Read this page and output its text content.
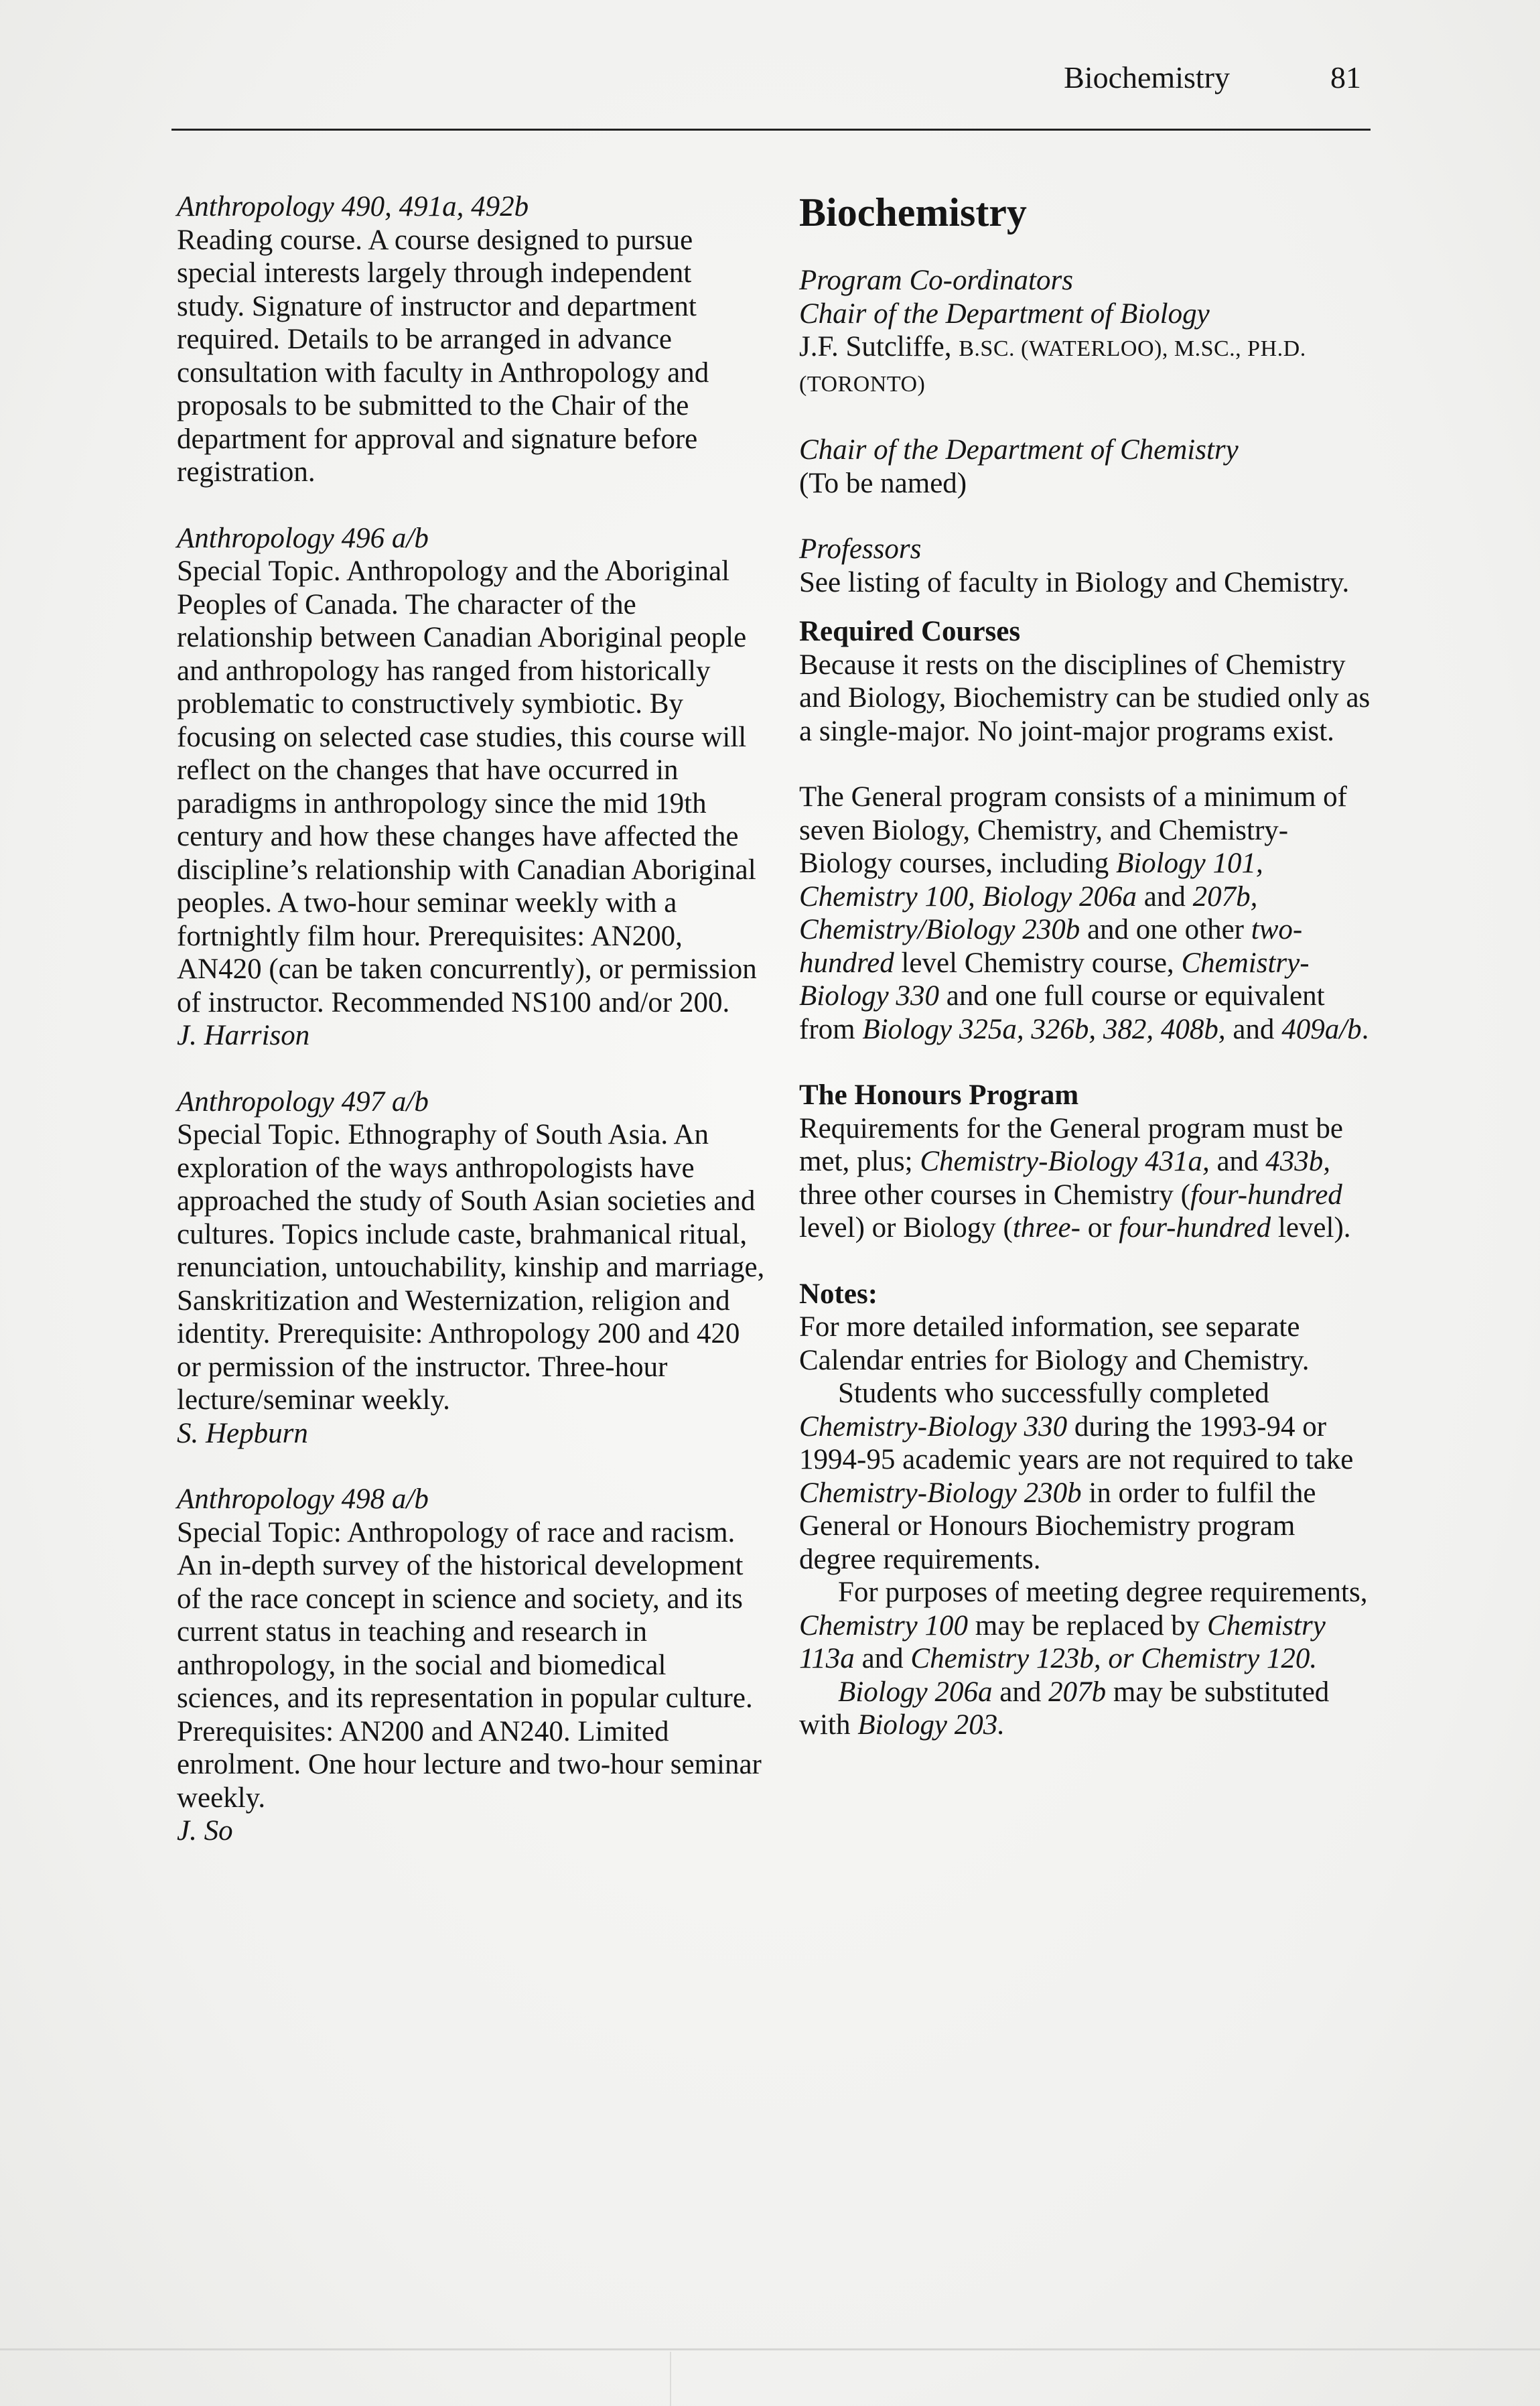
Biochemistry	81
Anthropology 490, 491a, 492b
Reading course. A course designed to pursue special interests largely through independent study. Signature of instructor and department required. Details to be arranged in advance consultation with faculty in Anthropology and proposals to be submitted to the Chair of the department for approval and signature before registration.
Anthropology 496 a/b
Special Topic. Anthropology and the Aboriginal Peoples of Canada. The character of the relationship between Canadian Aboriginal people and anthropology has ranged from historically problematic to constructively symbiotic. By focusing on selected case studies, this course will reflect on the changes that have occurred in paradigms in anthropology since the mid 19th century and how these changes have affected the discipline’s relationship with Canadian Aboriginal peoples. A two-hour seminar weekly with a fortnightly film hour. Prerequisites: AN200, AN420 (can be taken concurrently), or permission of instructor. Recommended NS100 and/or 200.
J. Harrison
Anthropology 497 a/b
Special Topic. Ethnography of South Asia. An exploration of the ways anthropologists have approached the study of South Asian societies and cultures. Topics include caste, brahmanical ritual, renunciation, untouchability, kinship and marriage, Sanskritization and Westernization, religion and identity. Prerequisite: Anthropology 200 and 420 or permission of the instructor. Three-hour lecture/seminar weekly.
S. Hepburn
Anthropology 498 a/b
Special Topic: Anthropology of race and racism. An in-depth survey of the historical development of the race concept in science and society, and its current status in teaching and research in anthropology, in the social and biomedical sciences, and its representation in popular culture. Prerequisites: AN200 and AN240. Limited enrolment. One hour lecture and two-hour seminar weekly.
J. So
Biochemistry
Program Co-ordinators
Chair of the Department of Biology
J.F. Sutcliffe, B.SC. (WATERLOO), M.SC., PH.D. (TORONTO)
Chair of the Department of Chemistry
(To be named)
Professors
See listing of faculty in Biology and Chemistry.
Required Courses
Because it rests on the disciplines of Chemistry and Biology, Biochemistry can be studied only as a single-major. No joint-major programs exist.

The General program consists of a minimum of seven Biology, Chemistry, and Chemistry-Biology courses, including Biology 101, Chemistry 100, Biology 206a and 207b, Chemistry/Biology 230b and one other two-hundred level Chemistry course, Chemistry-Biology 330 and one full course or equivalent from Biology 325a, 326b, 382, 408b, and 409a/b.

The Honours Program

Requirements for the General program must be met, plus; Chemistry-Biology 431a, and 433b, three other courses in Chemistry (four-hundred level) or Biology (three- or four-hundred level).

Notes:

For more detailed information, see separate Calendar entries for Biology and Chemistry.

Students who successfully completed Chemistry-Biology 330 during the 1993-94 or 1994-95 academic years are not required to take Chemistry-Biology 230b in order to fulfil the General or Honours Biochemistry program degree requirements.

For purposes of meeting degree requirements, Chemistry 100 may be replaced by Chemistry 113a and Chemistry 123b, or Chemistry 120.

Biology 206a and 207b may be substituted with Biology 203.
